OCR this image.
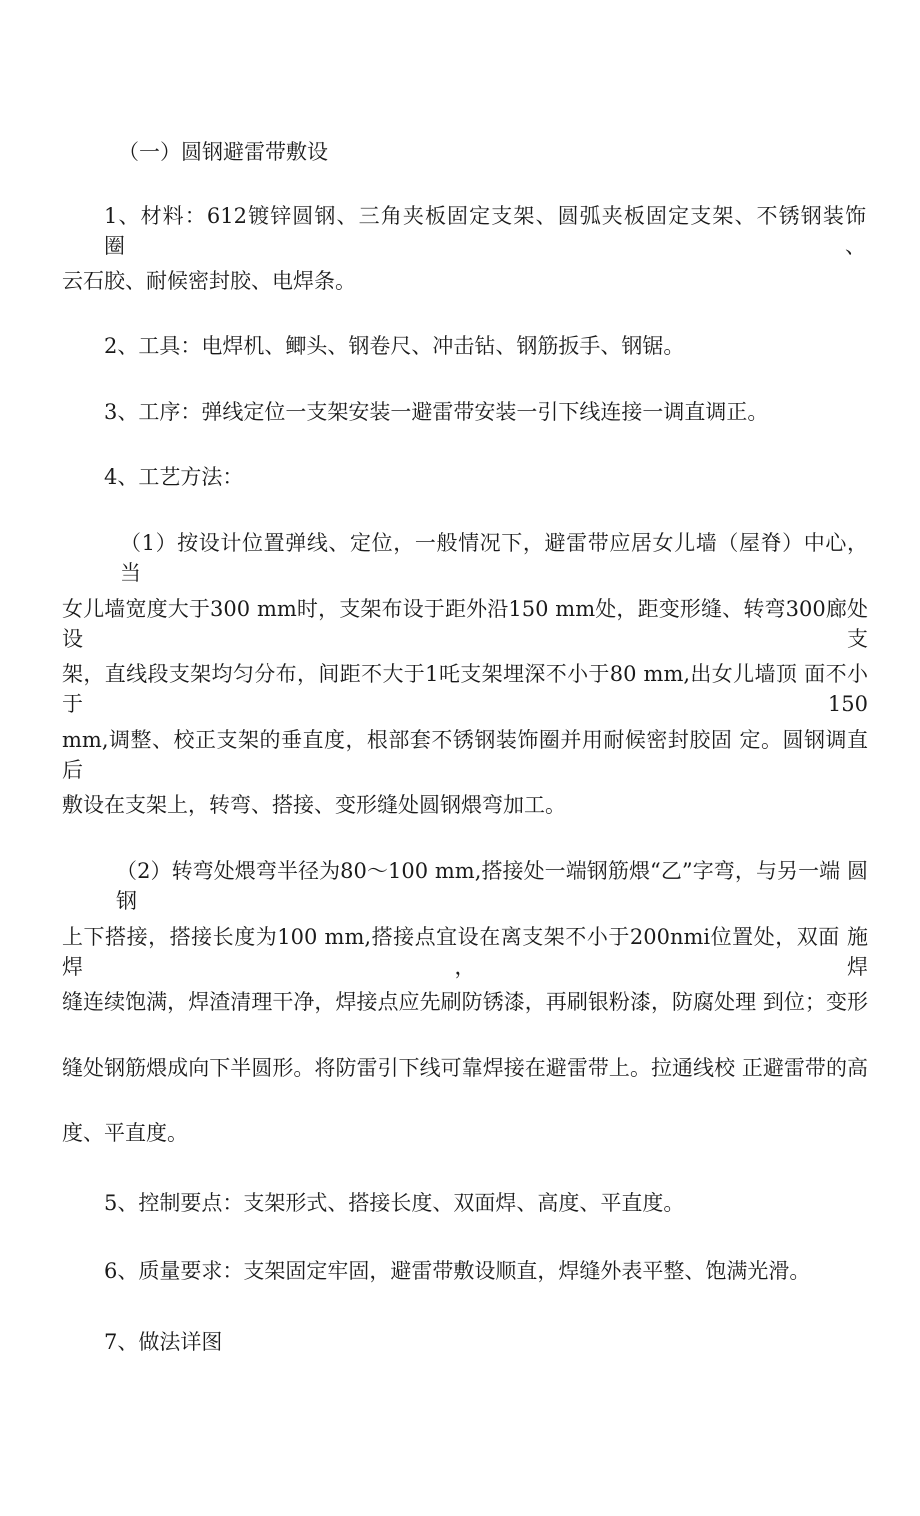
（一）圆钢避雷带敷设
1、材料：612镀锌圆钢、三角夹板固定支架、圆弧夹板固定支架、不锈钢装饰 圈、
云石胶、耐候密封胶、电焊条。
2、工具：电焊机、鲫头、钢卷尺、冲击钻、钢筋扳手、钢锯。
3、工序：弹线定位一支架安装一避雷带安装一引下线连接一调直调正。
4、工艺方法：
（1）按设计位置弹线、定位，一般情况下，避雷带应居女儿墙（屋脊）中心， 当
女儿墙宽度大于300 mm时，支架布设于距外沿150 mm处，距变形缝、转弯300廊处 设支
架，直线段支架均匀分布，间距不大于1吒支架埋深不小于80 mm,出女儿墙顶 面不小于150
mm,调整、校正支架的垂直度，根部套不锈钢装饰圈并用耐候密封胶固 定。圆钢调直后
敷设在支架上，转弯、搭接、变形缝处圆钢煨弯加工。
（2）转弯处煨弯半径为80〜100 mm,搭接处一端钢筋煨“乙”字弯，与另一端 圆钢
上下搭接，搭接长度为100 mm,搭接点宜设在离支架不小于200nmi位置处，双面 施焊，焊
缝连续饱满，焊渣清理干净，焊接点应先刷防锈漆，再刷银粉漆，防腐处理 到位；变形
缝处钢筋煨成向下半圆形。将防雷引下线可靠焊接在避雷带上。拉通线校 正避雷带的高
度、平直度。
5、控制要点：支架形式、搭接长度、双面焊、高度、平直度。
6、质量要求：支架固定牢固，避雷带敷设顺直，焊缝外表平整、饱满光滑。
7、做法详图
